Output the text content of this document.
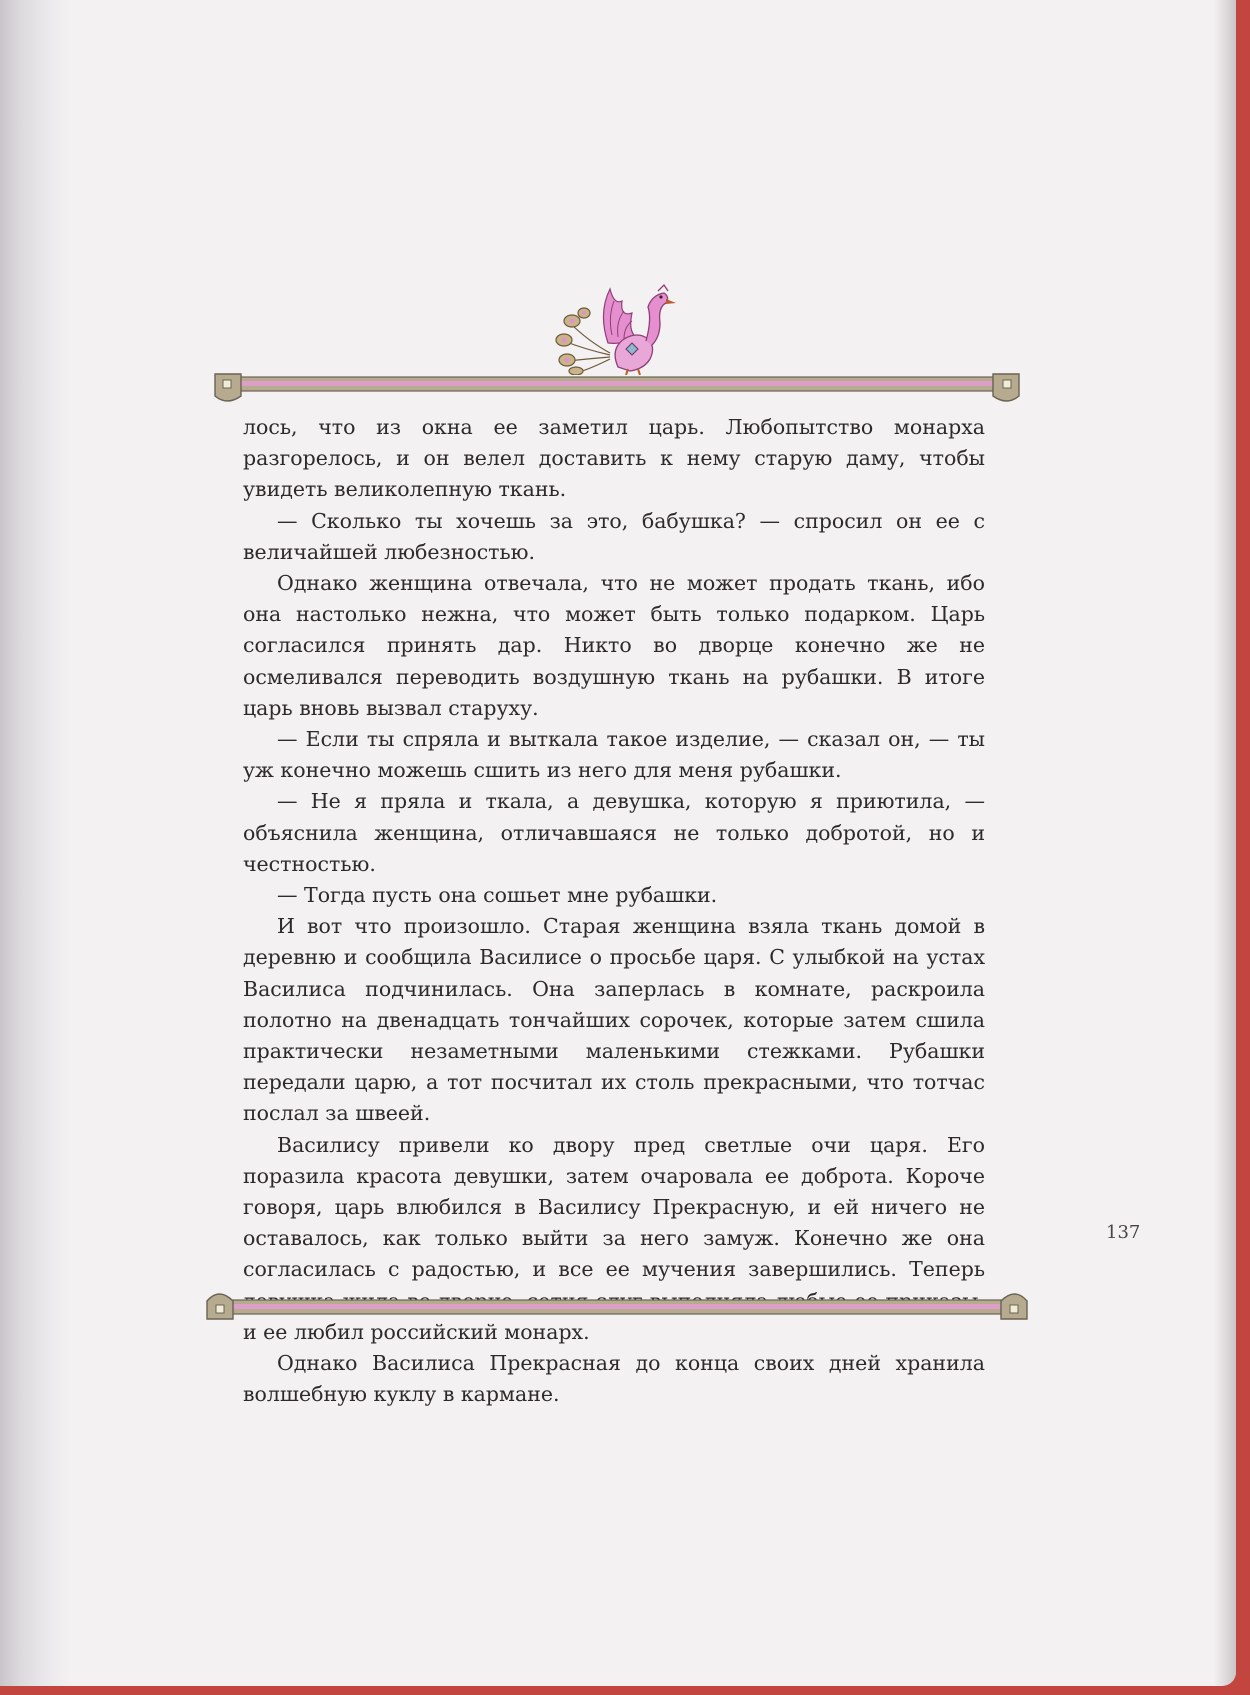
лось, что из окна ее заметил царь. Любопытство монарха разгорелось, и он велел доставить к нему старую даму, чтобы увидеть великолепную ткань.

— Сколько ты хочешь за это, бабушка? — спросил он ее с величайшей любезностью.

Однако женщина отвечала, что не может продать ткань, ибо она настолько нежна, что может быть только подарком. Царь согласился принять дар. Никто во дворце конечно же не осмеливался переводить воздушную ткань на рубашки. В итоге царь вновь вызвал старуху.

— Если ты спряла и выткала такое изделие, — сказал он, — ты уж конечно можешь сшить из него для меня рубашки.

— Не я пряла и ткала, а девушка, которую я приютила, — объяснила женщина, отличавшаяся не только добротой, но и честностью.

— Тогда пусть она сошьет мне рубашки.

И вот что произошло. Старая женщина взяла ткань домой в деревню и сообщила Василисе о просьбе царя. С улыбкой на устах Василиса подчинилась. Она заперлась в комнате, раскроила полотно на двенадцать тончайших сорочек, которые затем сшила практически незаметными маленькими стежками. Рубашки передали царю, а тот посчитал их столь прекрасными, что тотчас послал за швеей.

Василису привели ко двору пред светлые очи царя. Его поразила красота девушки, затем очаровала ее доброта. Короче говоря, царь влюбился в Василису Прекрасную, и ей ничего не оставалось, как только выйти за него замуж. Конечно же она согласилась с радостью, и все ее мучения завершились. Теперь и ее любил российский монарх.

Однако Василиса Прекрасная до конца своих дней хранила волшебную куклу в кармане.

137
